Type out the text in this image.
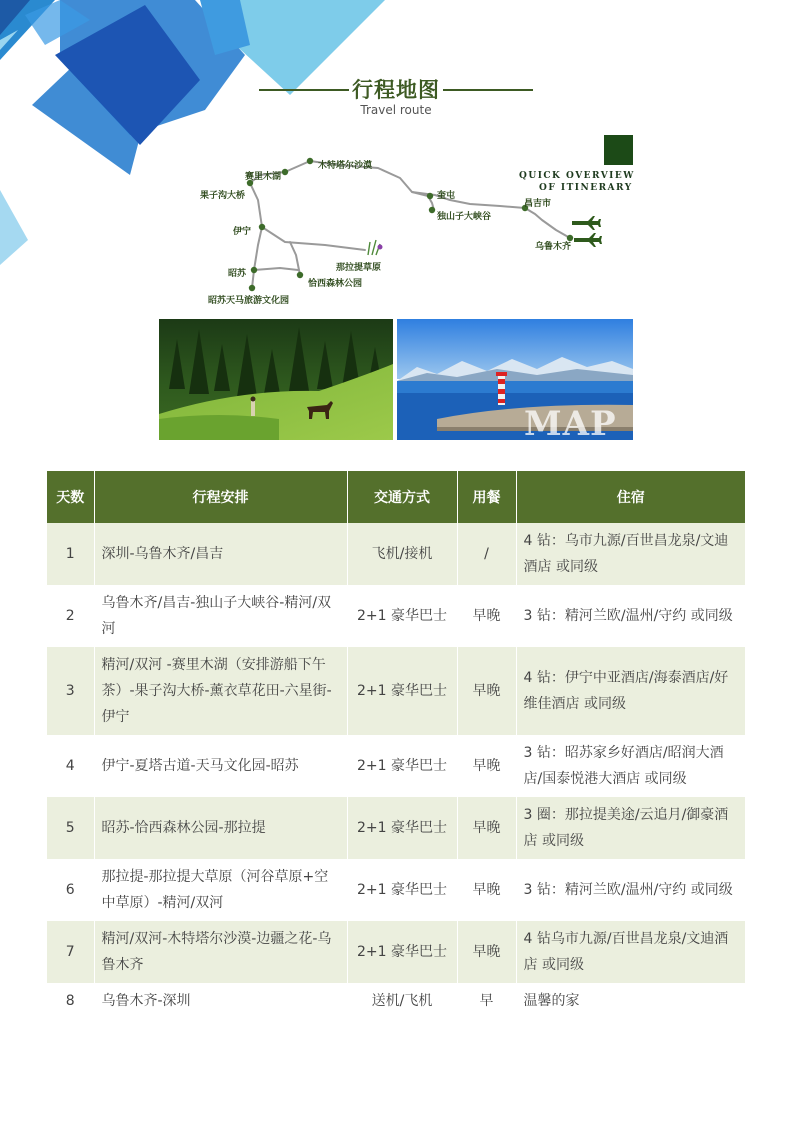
行程地图
Travel route
赛里木湖
木特塔尔沙漠
果子沟大桥
伊宁
昭苏
昭苏天马旅游文化园
恰西森林公园
那拉提草原
奎屯
独山子大峡谷
昌吉市
乌鲁木齐
QUICK OVERVIEW
OF ITINERARY
MAP
天数	行程安排	交通方式	用餐	住宿
1	深圳-乌鲁木齐/昌吉	飞机/接机	/	4 钻：乌市九源/百世昌龙泉/文迪酒店 或同级
2	乌鲁木齐/昌吉-独山子大峡谷-精河/双河	2+1 豪华巴士	早晚	3 钻：精河兰欧/温州/守约 或同级
3	精河/双河 -赛里木湖（安排游船下午茶）-果子沟大桥-薰衣草花田-六星街-伊宁	2+1 豪华巴士	早晚	4 钻：伊宁中亚酒店/海泰酒店/好维佳酒店 或同级
4	伊宁-夏塔古道-天马文化园-昭苏	2+1 豪华巴士	早晚	3 钻：昭苏家乡好酒店/昭润大酒店/国泰悦港大酒店 或同级
5	昭苏-恰西森林公园-那拉提	2+1 豪华巴士	早晚	3 圈：那拉提美途/云追月/御豪酒店 或同级
6	那拉提-那拉提大草原（河谷草原+空中草原）-精河/双河	2+1 豪华巴士	早晚	3 钻：精河兰欧/温州/守约 或同级
7	精河/双河-木特塔尔沙漠-边疆之花-乌鲁木齐	2+1 豪华巴士	早晚	4 钻乌市九源/百世昌龙泉/文迪酒店 或同级
8	乌鲁木齐-深圳	送机/飞机	早	温馨的家
